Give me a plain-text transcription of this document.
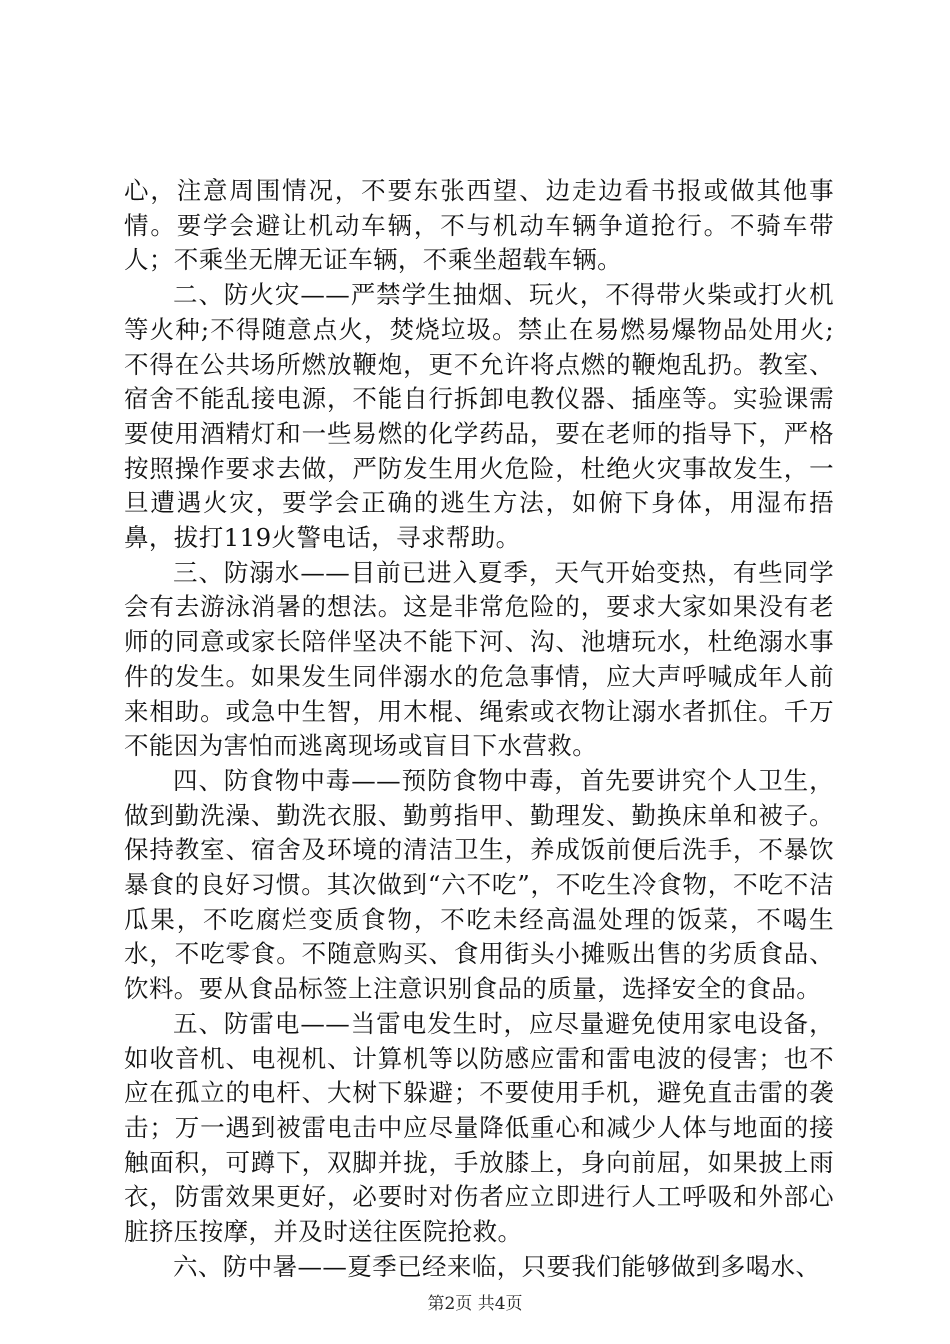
心，注意周围情况，不要东张西望、边走边看书报或做其他事情。要学会避让机动车辆，不与机动车辆争道抢行。不骑车带人；不乘坐无牌无证车辆，不乘坐超载车辆。

二、防火灾——严禁学生抽烟、玩火，不得带火柴或打火机等火种;不得随意点火，焚烧垃圾。禁止在易燃易爆物品处用火;不得在公共场所燃放鞭炮，更不允许将点燃的鞭炮乱扔。教室、宿舍不能乱接电源，不能自行拆卸电教仪器、插座等。实验课需要使用酒精灯和一些易燃的化学药品，要在老师的指导下，严格按照操作要求去做，严防发生用火危险，杜绝火灾事故发生，一旦遭遇火灾，要学会正确的逃生方法，如俯下身体，用湿布捂鼻，拔打119火警电话，寻求帮助。

三、防溺水——目前已进入夏季，天气开始变热，有些同学会有去游泳消暑的想法。这是非常危险的，要求大家如果没有老师的同意或家长陪伴坚决不能下河、沟、池塘玩水，杜绝溺水事件的发生。如果发生同伴溺水的危急事情，应大声呼喊成年人前来相助。或急中生智，用木棍、绳索或衣物让溺水者抓住。千万不能因为害怕而逃离现场或盲目下水营救。

四、防食物中毒——预防食物中毒，首先要讲究个人卫生，做到勤洗澡、勤洗衣服、勤剪指甲、勤理发、勤换床单和被子。保持教室、宿舍及环境的清洁卫生，养成饭前便后洗手，不暴饮暴食的良好习惯。其次做到“六不吃”，不吃生冷食物，不吃不洁瓜果，不吃腐烂变质食物，不吃未经高温处理的饭菜，不喝生水，不吃零食。不随意购买、食用街头小摊贩出售的劣质食品、饮料。要从食品标签上注意识别食品的质量，选择安全的食品。

五、防雷电——当雷电发生时，应尽量避免使用家电设备，如收音机、电视机、计算机等以防感应雷和雷电波的侵害；也不应在孤立的电杆、大树下躲避；不要使用手机，避免直击雷的袭击；万一遇到被雷电击中应尽量降低重心和减少人体与地面的接触面积，可蹲下，双脚并拢，手放膝上，身向前屈，如果披上雨衣，防雷效果更好，必要时对伤者应立即进行人工呼吸和外部心脏挤压按摩，并及时送往医院抢救。

六、防中暑——夏季已经来临，只要我们能够做到多喝水、

第2页 共4页
